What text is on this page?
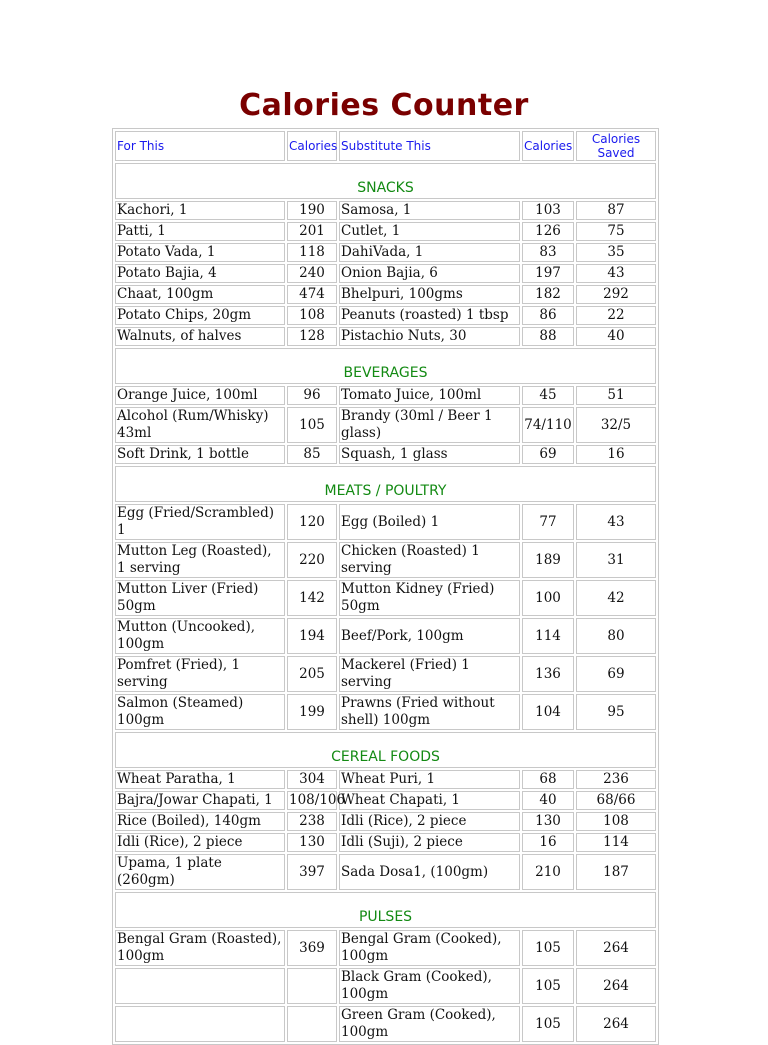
Calories Counter
For This	Calories	Substitute This	Calories	Calories Saved
SNACKS				
Kachori, 1	190	Samosa, 1	103	87
Patti, 1	201	Cutlet, 1	126	75
Potato Vada, 1	118	DahiVada, 1	83	35
Potato Bajia, 4	240	Onion Bajia, 6	197	43
Chaat, 100gm	474	Bhelpuri, 100gms	182	292
Potato Chips, 20gm	108	Peanuts (roasted) 1 tbsp	86	22
Walnuts, of halves	128	Pistachio Nuts, 30	88	40
BEVERAGES				
Orange Juice, 100ml	96	Tomato Juice, 100ml	45	51
Alcohol (Rum/Whisky) 43ml	105	Brandy (30ml / Beer 1 glass)	74/110	32/5
Soft Drink, 1 bottle	85	Squash, 1 glass	69	16
MEATS / POULTRY				
Egg (Fried/Scrambled) 1	120	Egg (Boiled) 1	77	43
Mutton Leg (Roasted), 1 serving	220	Chicken (Roasted) 1 serving	189	31
Mutton Liver (Fried) 50gm	142	Mutton Kidney (Fried) 50gm	100	42
Mutton (Uncooked), 100gm	194	Beef/Pork, 100gm	114	80
Pomfret (Fried), 1 serving	205	Mackerel (Fried) 1 serving	136	69
Salmon (Steamed) 100gm	199	Prawns (Fried without shell) 100gm	104	95
CEREAL FOODS				
Wheat Paratha, 1	304	Wheat Puri, 1	68	236
Bajra/Jowar Chapati, 1	108/106	Wheat Chapati, 1	40	68/66
Rice (Boiled), 140gm	238	Idli (Rice), 2 piece	130	108
Idli (Rice), 2 piece	130	Idli (Suji), 2 piece	16	114
Upama, 1 plate (260gm)	397	Sada Dosa1, (100gm)	210	187
PULSES				
Bengal Gram (Roasted), 100gm	369	Bengal Gram (Cooked), 100gm	105	264
		Black Gram (Cooked), 100gm	105	264
		Green Gram (Cooked), 100gm	105	264
